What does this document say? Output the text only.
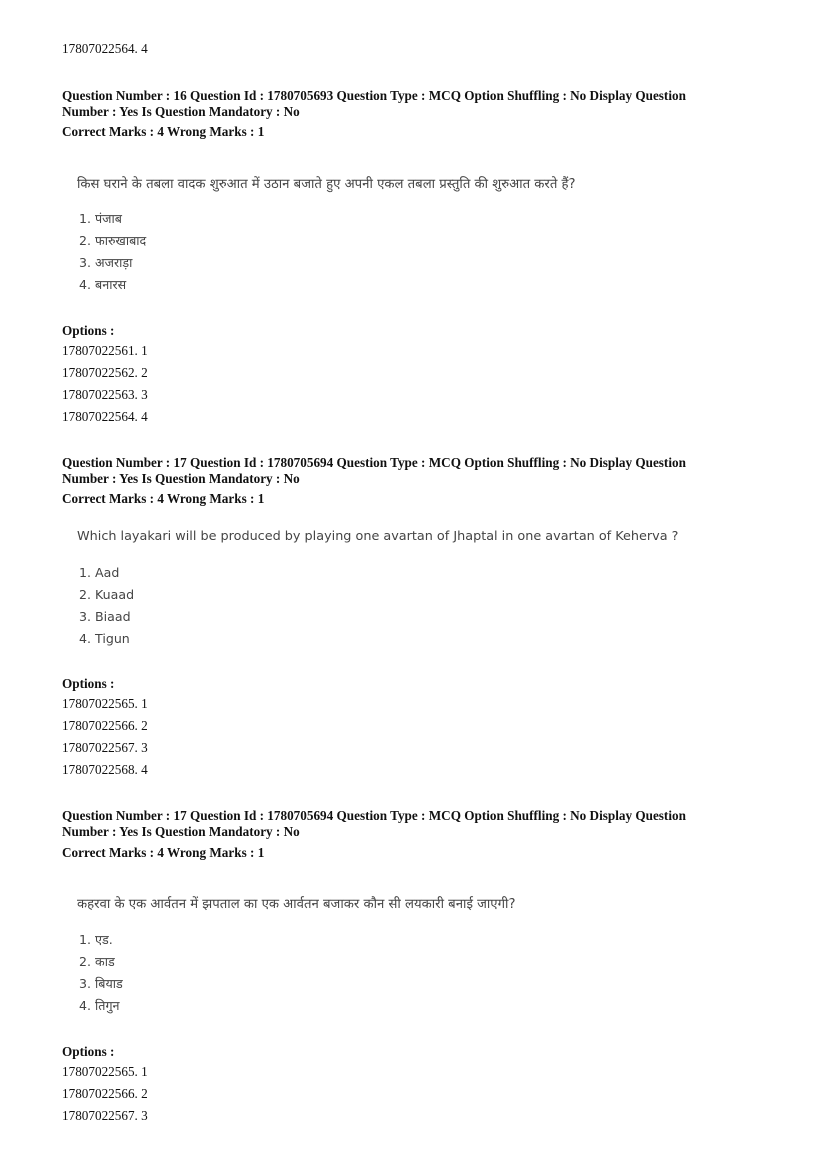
17807022564. 4
Question Number : 16 Question Id : 1780705693 Question Type : MCQ Option Shuffling : No Display Question
Number : Yes Is Question Mandatory : No
Correct Marks : 4 Wrong Marks : 1
किस घराने के तबला वादक शुरुआत में उठान बजाते हुए अपनी एकल तबला प्रस्तुति की शुरुआत करते हैं?
1. पंजाब
2. फारुखाबाद
3. अजराड़ा
4. बनारस
Options :
17807022561. 1
17807022562. 2
17807022563. 3
17807022564. 4
Question Number : 17 Question Id : 1780705694 Question Type : MCQ Option Shuffling : No Display Question
Number : Yes Is Question Mandatory : No
Correct Marks : 4 Wrong Marks : 1
Which layakari will be produced by playing one avartan of Jhaptal in one avartan of Keherva ?
1. Aad
2. Kuaad
3. Biaad
4. Tigun
Options :
17807022565. 1
17807022566. 2
17807022567. 3
17807022568. 4
Question Number : 17 Question Id : 1780705694 Question Type : MCQ Option Shuffling : No Display Question
Number : Yes Is Question Mandatory : No
Correct Marks : 4 Wrong Marks : 1
कहरवा के एक आर्वतन में झपताल का एक आर्वतन बजाकर कौन सी लयकारी बनाई जाएगी?
1. एड.
2. काड
3. बियाड
4. तिगुन
Options :
17807022565. 1
17807022566. 2
17807022567. 3
